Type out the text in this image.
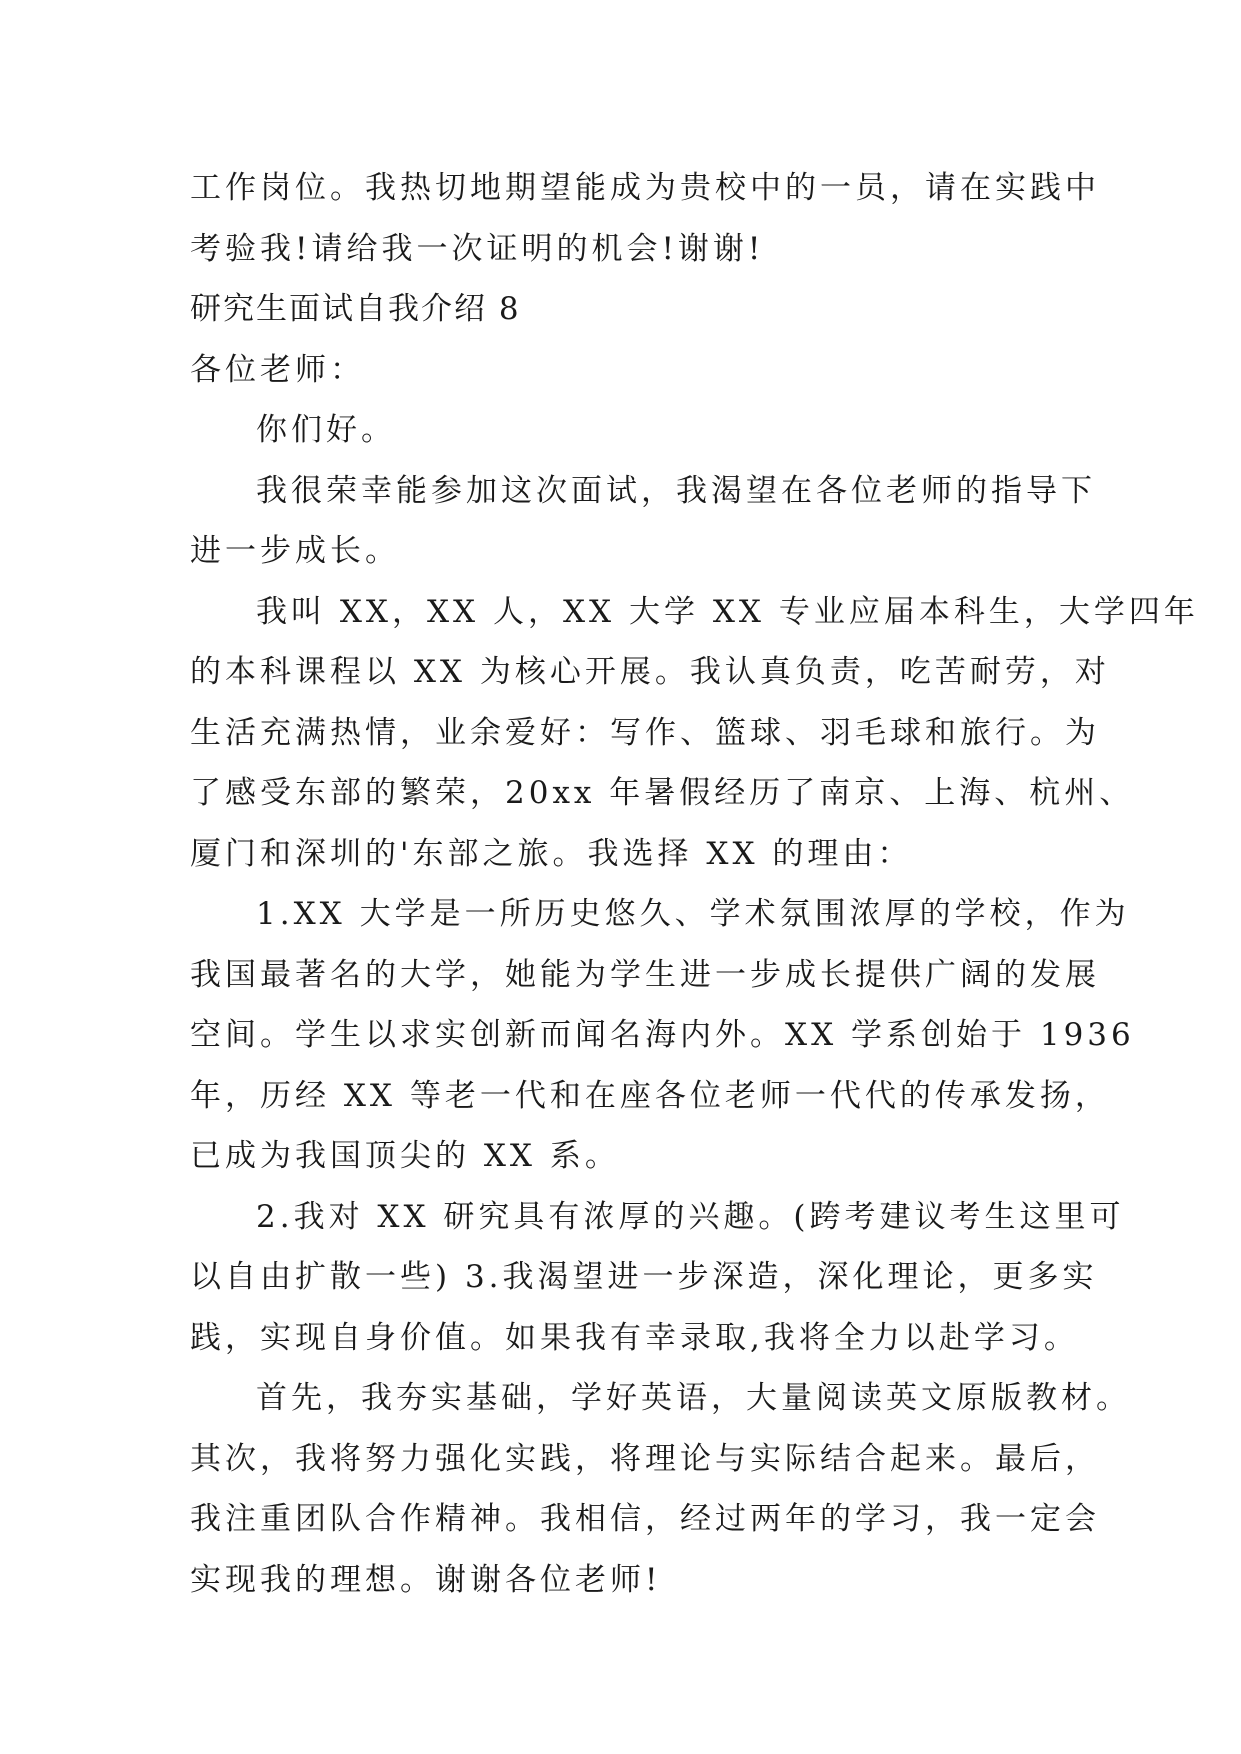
工作岗位。我热切地期望能成为贵校中的一员，请在实践中
考验我!请给我一次证明的机会!谢谢!
研究生面试自我介绍 8
各位老师：
你们好。
我很荣幸能参加这次面试，我渴望在各位老师的指导下
进一步成长。
我叫 XX，XX 人，XX 大学 XX 专业应届本科生，大学四年
的本科课程以 XX 为核心开展。我认真负责，吃苦耐劳，对
生活充满热情，业余爱好：写作、篮球、羽毛球和旅行。为
了感受东部的繁荣，20xx 年暑假经历了南京、上海、杭州、
厦门和深圳的'东部之旅。我选择 XX 的理由：
1.XX 大学是一所历史悠久、学术氛围浓厚的学校，作为
我国最著名的大学，她能为学生进一步成长提供广阔的发展
空间。学生以求实创新而闻名海内外。XX 学系创始于 1936
年，历经 XX 等老一代和在座各位老师一代代的传承发扬，
已成为我国顶尖的 XX 系。
2.我对 XX 研究具有浓厚的兴趣。(跨考建议考生这里可
以自由扩散一些) 3.我渴望进一步深造，深化理论，更多实
践，实现自身价值。如果我有幸录取,我将全力以赴学习。
首先，我夯实基础，学好英语，大量阅读英文原版教材。
其次，我将努力强化实践，将理论与实际结合起来。最后，
我注重团队合作精神。我相信，经过两年的学习，我一定会
实现我的理想。谢谢各位老师!
